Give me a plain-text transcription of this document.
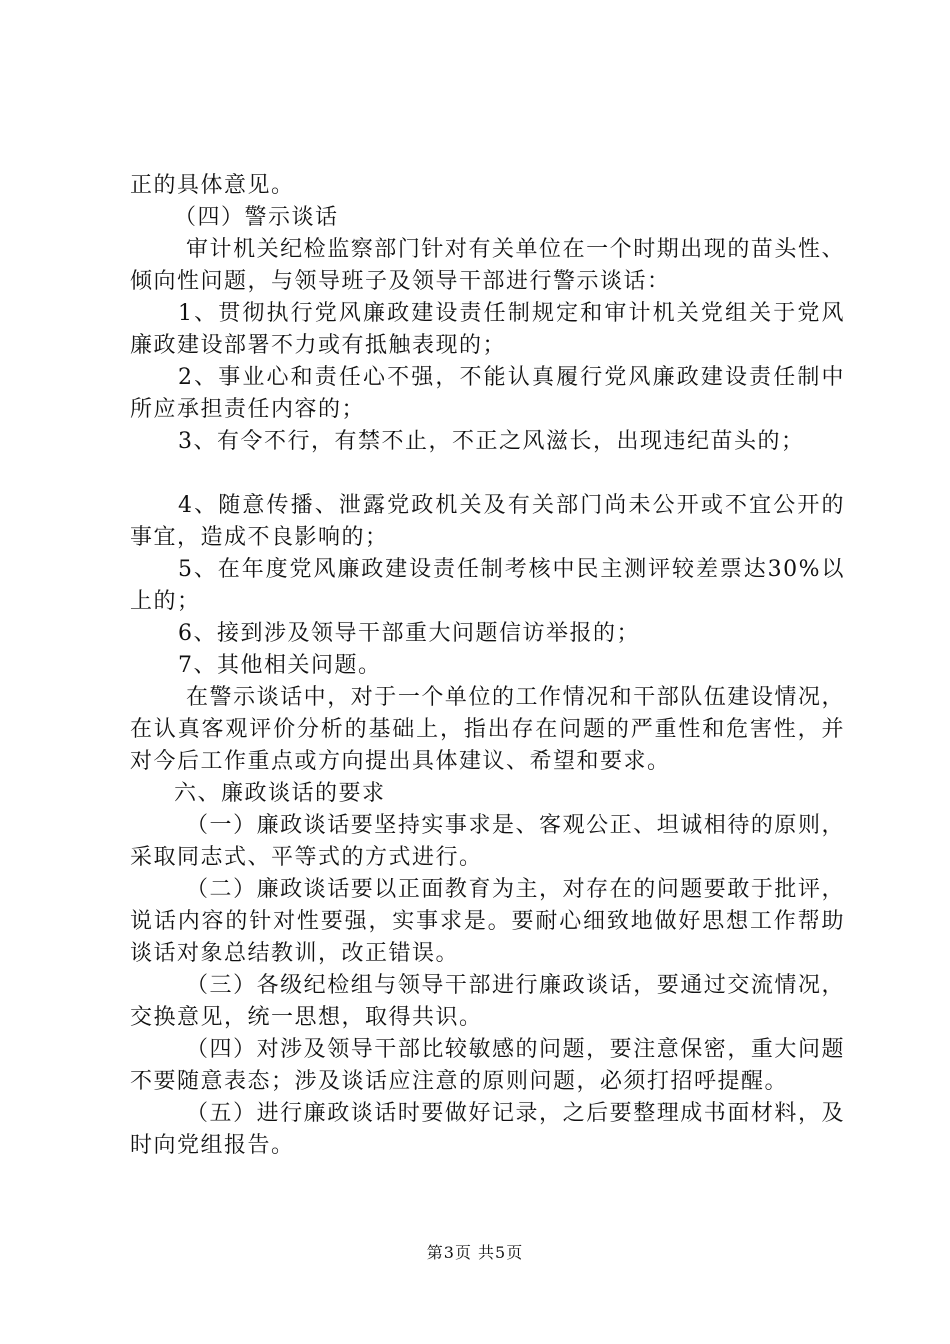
正的具体意见。

（四）警示谈话

审计机关纪检监察部门针对有关单位在一个时期出现的苗头性、倾向性问题，与领导班子及领导干部进行警示谈话：

1、贯彻执行党风廉政建设责任制规定和审计机关党组关于党风廉政建设部署不力或有抵触表现的；

2、事业心和责任心不强，不能认真履行党风廉政建设责任制中所应承担责任内容的；

3、有令不行，有禁不止，不正之风滋长，出现违纪苗头的；

4、随意传播、泄露党政机关及有关部门尚未公开或不宜公开的事宜，造成不良影响的；

5、在年度党风廉政建设责任制考核中民主测评较差票达30%以上的；

6、接到涉及领导干部重大问题信访举报的；

7、其他相关问题。

在警示谈话中，对于一个单位的工作情况和干部队伍建设情况，在认真客观评价分析的基础上，指出存在问题的严重性和危害性，并对今后工作重点或方向提出具体建议、希望和要求。

六、廉政谈话的要求

（一）廉政谈话要坚持实事求是、客观公正、坦诚相待的原则，采取同志式、平等式的方式进行。

（二）廉政谈话要以正面教育为主，对存在的问题要敢于批评，说话内容的针对性要强，实事求是。要耐心细致地做好思想工作帮助谈话对象总结教训，改正错误。

（三）各级纪检组与领导干部进行廉政谈话，要通过交流情况，交换意见，统一思想，取得共识。

（四）对涉及领导干部比较敏感的问题，要注意保密，重大问题不要随意表态；涉及谈话应注意的原则问题，必须打招呼提醒。

（五）进行廉政谈话时要做好记录，之后要整理成书面材料，及时向党组报告。

第3页 共5页
